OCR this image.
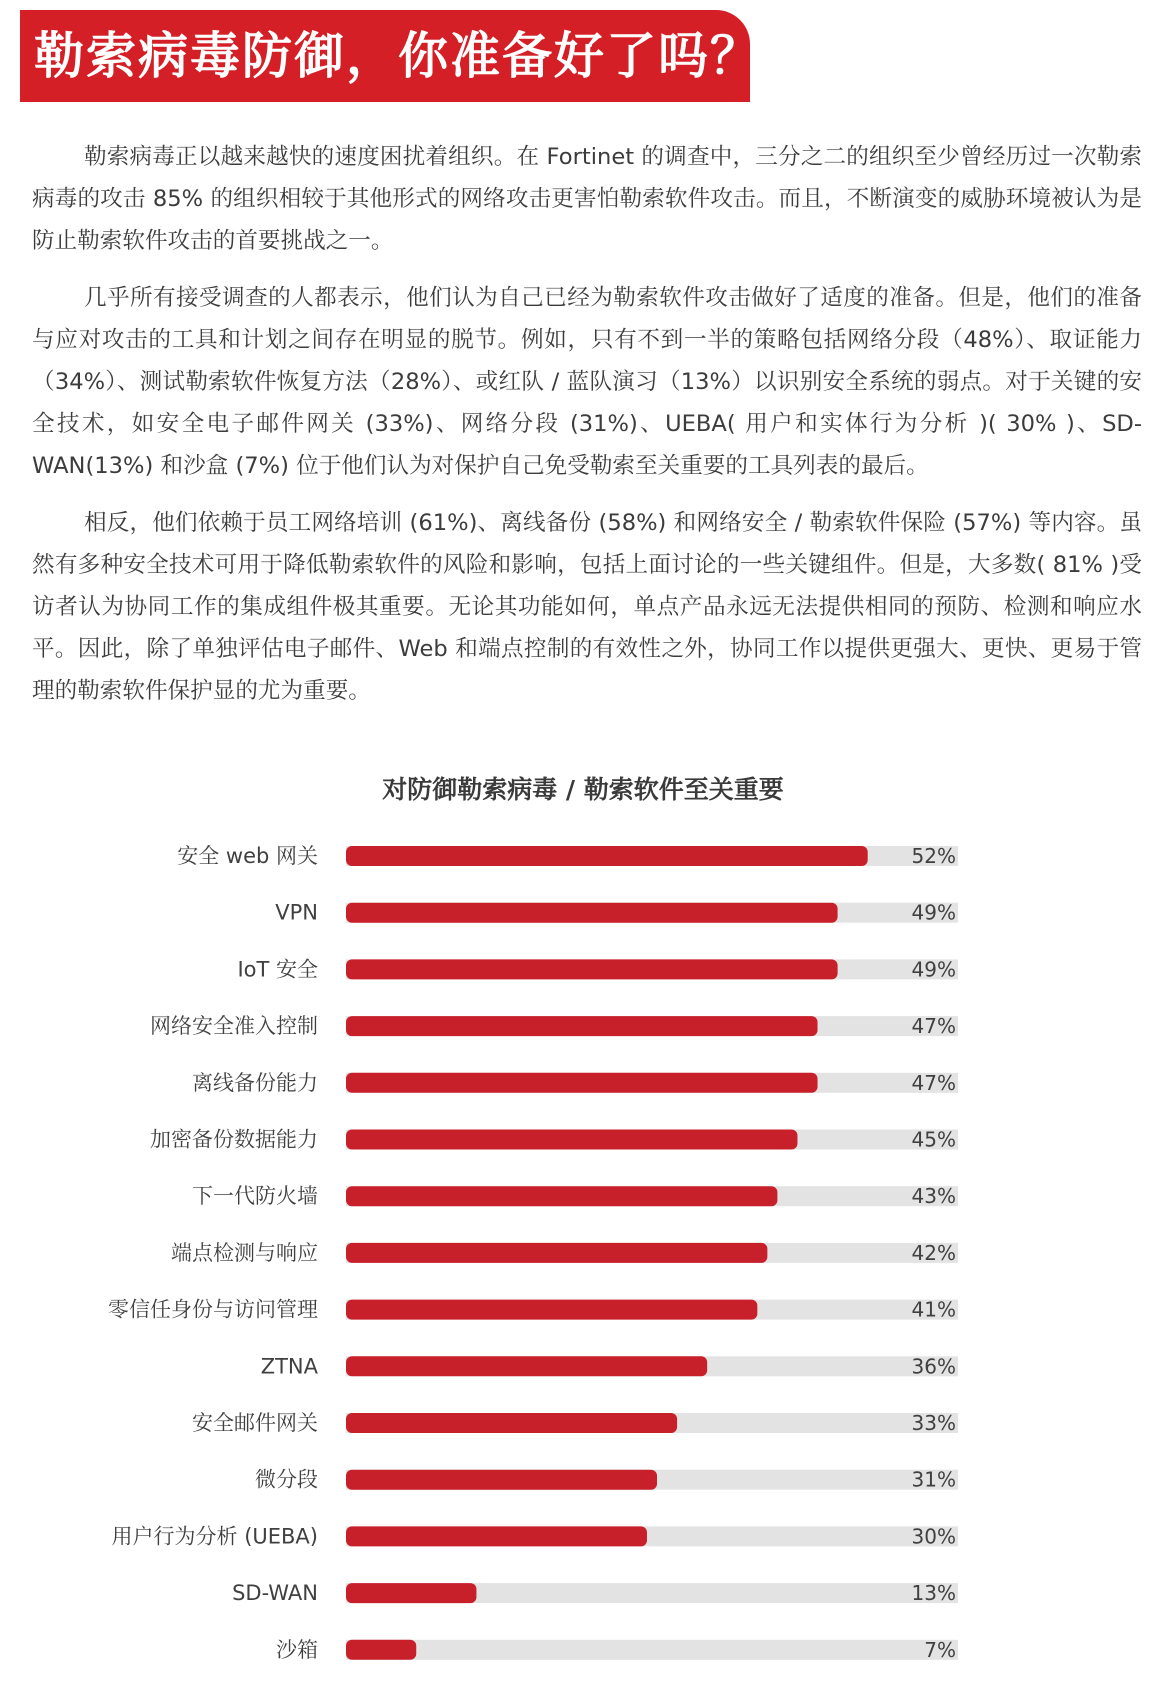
勒索病毒防御，你准备好了吗？

勒索病毒正以越来越快的速度困扰着组织。在 Fortinet 的调查中，三分之二的组织至少曾经历过一次勒索病毒的攻击 85% 的组织相较于其他形式的网络攻击更害怕勒索软件攻击。而且，不断演变的威胁环境被认为是防止勒索软件攻击的首要挑战之一。

几乎所有接受调查的人都表示，他们认为自己已经为勒索软件攻击做好了适度的准备。但是，他们的准备与应对攻击的工具和计划之间存在明显的脱节。例如，只有不到一半的策略包括网络分段（48%）、取证能力（34%）、测试勒索软件恢复方法（28%）、或红队 / 蓝队演习（13%）以识别安全系统的弱点。对于关键的安全技术，如安全电子邮件网关 (33%)、网络分段 (31%)、UEBA( 用户和实体行为分析 )( 30% )、SD-WAN(13%) 和沙盒 (7%) 位于他们认为对保护自己免受勒索至关重要的工具列表的最后。

相反，他们依赖于员工网络培训 (61%)、离线备份 (58%) 和网络安全 / 勒索软件保险 (57%) 等内容。虽然有多种安全技术可用于降低勒索软件的风险和影响，包括上面讨论的一些关键组件。但是，大多数( 81% )受访者认为协同工作的集成组件极其重要。无论其功能如何，单点产品永远无法提供相同的预防、检测和响应水平。因此，除了单独评估电子邮件、Web 和端点控制的有效性之外，协同工作以提供更强大、更快、更易于管理的勒索软件保护显的尤为重要。

对防御勒索病毒 / 勒索软件至关重要
安全 web 网关	52%
VPN	49%
IoT 安全	49%
网络安全准入控制	47%
离线备份能力	47%
加密备份数据能力	45%
下一代防火墙	43%
端点检测与响应	42%
零信任身份与访问管理	41%
ZTNA	36%
安全邮件网关	33%
微分段	31%
用户行为分析 (UEBA)	30%
SD-WAN	13%
沙箱	7%
